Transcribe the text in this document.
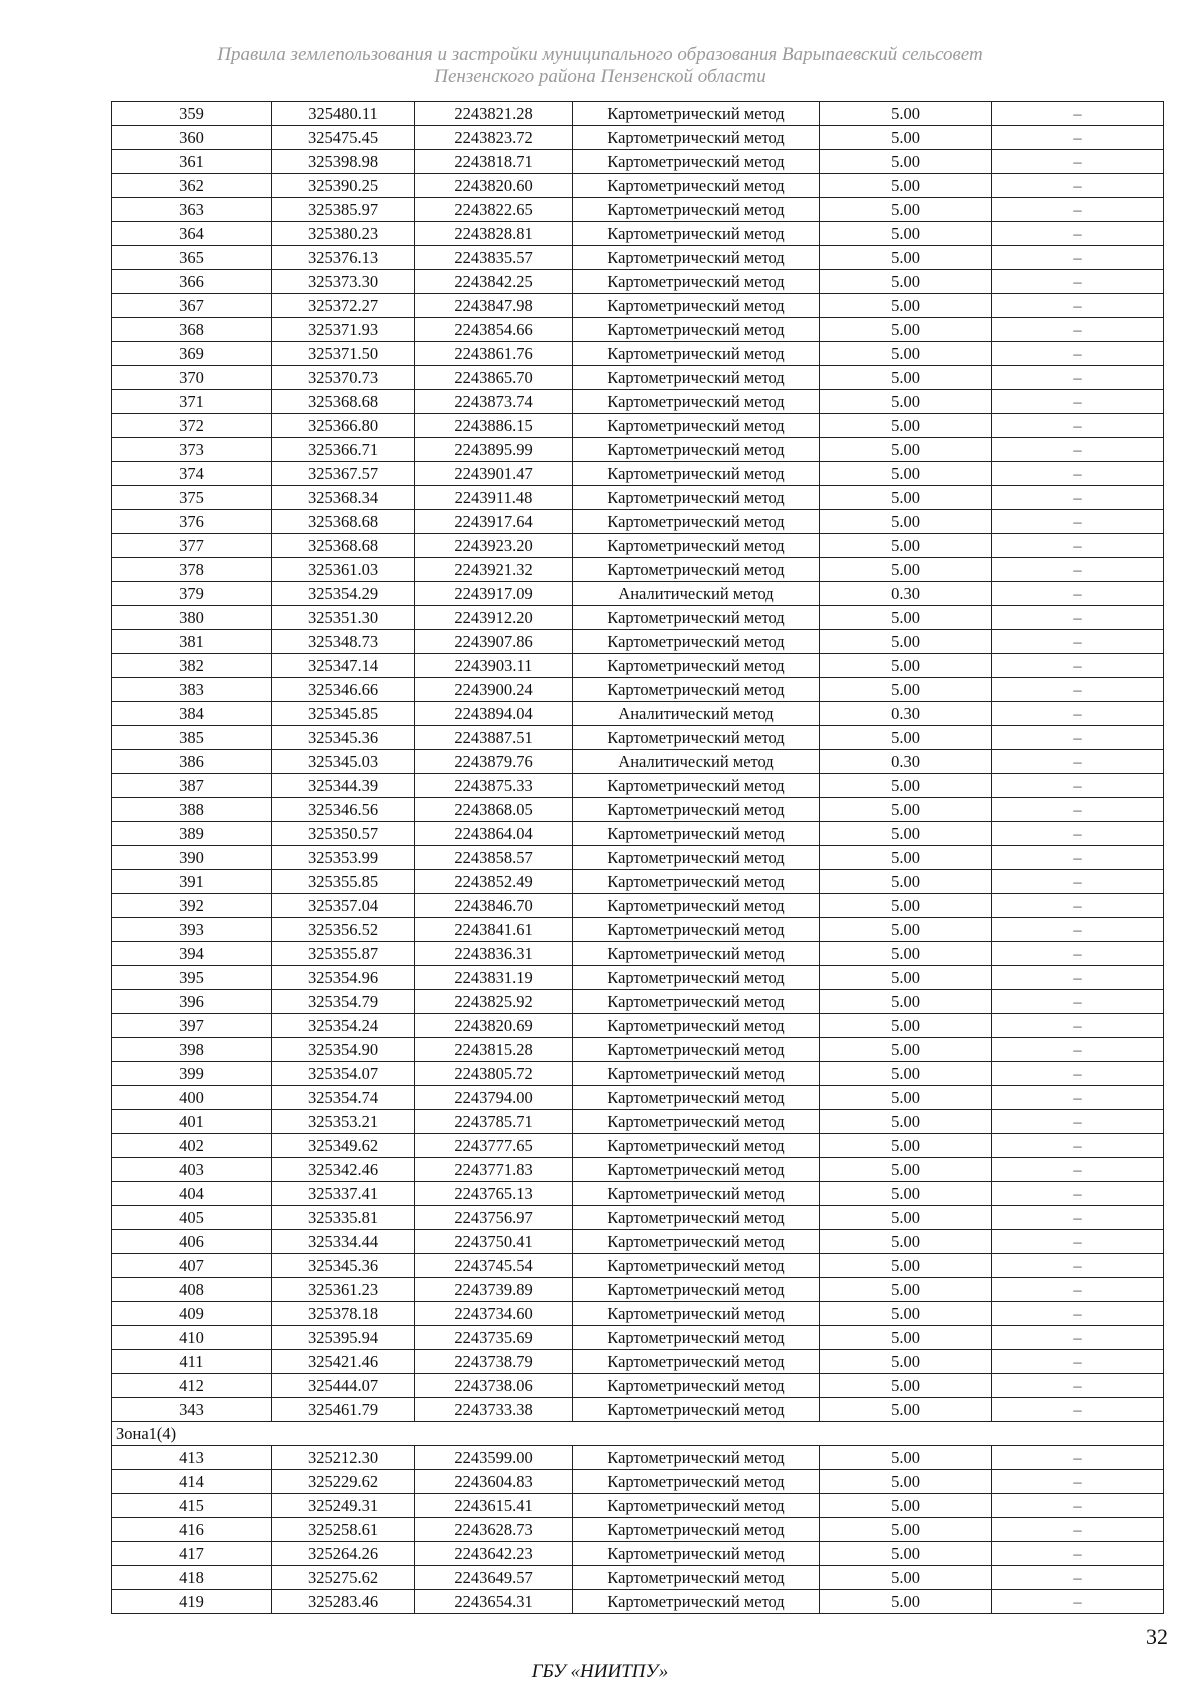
Правила землепользования и застройки муниципального образования Варыпаевский сельсовет
Пензенского района Пензенской области
359	325480.11	2243821.28	Картометрический метод	5.00	–
360	325475.45	2243823.72	Картометрический метод	5.00	–
361	325398.98	2243818.71	Картометрический метод	5.00	–
362	325390.25	2243820.60	Картометрический метод	5.00	–
363	325385.97	2243822.65	Картометрический метод	5.00	–
364	325380.23	2243828.81	Картометрический метод	5.00	–
365	325376.13	2243835.57	Картометрический метод	5.00	–
366	325373.30	2243842.25	Картометрический метод	5.00	–
367	325372.27	2243847.98	Картометрический метод	5.00	–
368	325371.93	2243854.66	Картометрический метод	5.00	–
369	325371.50	2243861.76	Картометрический метод	5.00	–
370	325370.73	2243865.70	Картометрический метод	5.00	–
371	325368.68	2243873.74	Картометрический метод	5.00	–
372	325366.80	2243886.15	Картометрический метод	5.00	–
373	325366.71	2243895.99	Картометрический метод	5.00	–
374	325367.57	2243901.47	Картометрический метод	5.00	–
375	325368.34	2243911.48	Картометрический метод	5.00	–
376	325368.68	2243917.64	Картометрический метод	5.00	–
377	325368.68	2243923.20	Картометрический метод	5.00	–
378	325361.03	2243921.32	Картометрический метод	5.00	–
379	325354.29	2243917.09	Аналитический метод	0.30	–
380	325351.30	2243912.20	Картометрический метод	5.00	–
381	325348.73	2243907.86	Картометрический метод	5.00	–
382	325347.14	2243903.11	Картометрический метод	5.00	–
383	325346.66	2243900.24	Картометрический метод	5.00	–
384	325345.85	2243894.04	Аналитический метод	0.30	–
385	325345.36	2243887.51	Картометрический метод	5.00	–
386	325345.03	2243879.76	Аналитический метод	0.30	–
387	325344.39	2243875.33	Картометрический метод	5.00	–
388	325346.56	2243868.05	Картометрический метод	5.00	–
389	325350.57	2243864.04	Картометрический метод	5.00	–
390	325353.99	2243858.57	Картометрический метод	5.00	–
391	325355.85	2243852.49	Картометрический метод	5.00	–
392	325357.04	2243846.70	Картометрический метод	5.00	–
393	325356.52	2243841.61	Картометрический метод	5.00	–
394	325355.87	2243836.31	Картометрический метод	5.00	–
395	325354.96	2243831.19	Картометрический метод	5.00	–
396	325354.79	2243825.92	Картометрический метод	5.00	–
397	325354.24	2243820.69	Картометрический метод	5.00	–
398	325354.90	2243815.28	Картометрический метод	5.00	–
399	325354.07	2243805.72	Картометрический метод	5.00	–
400	325354.74	2243794.00	Картометрический метод	5.00	–
401	325353.21	2243785.71	Картометрический метод	5.00	–
402	325349.62	2243777.65	Картометрический метод	5.00	–
403	325342.46	2243771.83	Картометрический метод	5.00	–
404	325337.41	2243765.13	Картометрический метод	5.00	–
405	325335.81	2243756.97	Картометрический метод	5.00	–
406	325334.44	2243750.41	Картометрический метод	5.00	–
407	325345.36	2243745.54	Картометрический метод	5.00	–
408	325361.23	2243739.89	Картометрический метод	5.00	–
409	325378.18	2243734.60	Картометрический метод	5.00	–
410	325395.94	2243735.69	Картометрический метод	5.00	–
411	325421.46	2243738.79	Картометрический метод	5.00	–
412	325444.07	2243738.06	Картометрический метод	5.00	–
343	325461.79	2243733.38	Картометрический метод	5.00	–
Зона1(4)					
413	325212.30	2243599.00	Картометрический метод	5.00	–
414	325229.62	2243604.83	Картометрический метод	5.00	–
415	325249.31	2243615.41	Картометрический метод	5.00	–
416	325258.61	2243628.73	Картометрический метод	5.00	–
417	325264.26	2243642.23	Картометрический метод	5.00	–
418	325275.62	2243649.57	Картометрический метод	5.00	–
419	325283.46	2243654.31	Картометрический метод	5.00	–
32
ГБУ «НИИТПУ»
